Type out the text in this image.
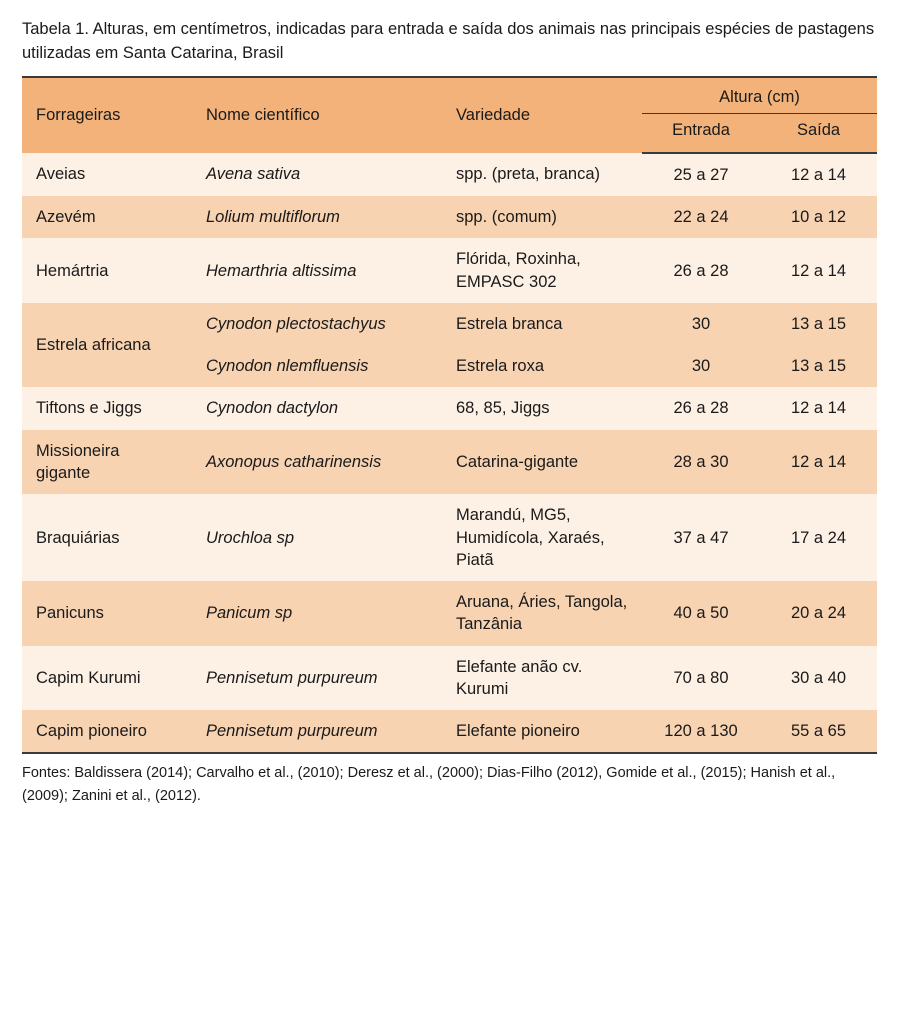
Tabela 1. Alturas, em centímetros, indicadas para entrada e saída dos animais nas principais espécies de pastagens utilizadas em Santa Catarina, Brasil
Forrageiras	Nome científico	Variedade	Altura (cm)	
			Entrada	Saída
Aveias	Avena sativa	spp. (preta, branca)	25 a 27	12 a 14
Azevém	Lolium multiflorum	spp. (comum)	22 a 24	10 a 12
Hemártria	Hemarthria altissima	Flórida, Roxinha, EMPASC 302	26 a 28	12 a 14
Estrela africana	Cynodon plectostachyus	Estrela branca	30	13 a 15
	Cynodon nlemfluensis	Estrela roxa	30	13 a 15
Tiftons e Jiggs	Cynodon dactylon	68, 85, Jiggs	26 a 28	12 a 14
Missioneira gigante	Axonopus catharinensis	Catarina-gigante	28 a 30	12 a 14
Braquiárias	Urochloa sp	Marandú, MG5, Humidícola, Xaraés, Piatã	37 a 47	17 a 24
Panicuns	Panicum sp	Aruana, Áries, Tangola, Tanzânia	40 a 50	20 a 24
Capim Kurumi	Pennisetum purpureum	Elefante anão cv. Kurumi	70 a 80	30 a 40
Capim pioneiro	Pennisetum purpureum	Elefante pioneiro	120 a 130	55 a 65
Fontes: Baldissera (2014); Carvalho et al., (2010); Deresz et al., (2000); Dias-Filho (2012), Gomide et al., (2015); Hanish et al., (2009); Zanini et al., (2012).
